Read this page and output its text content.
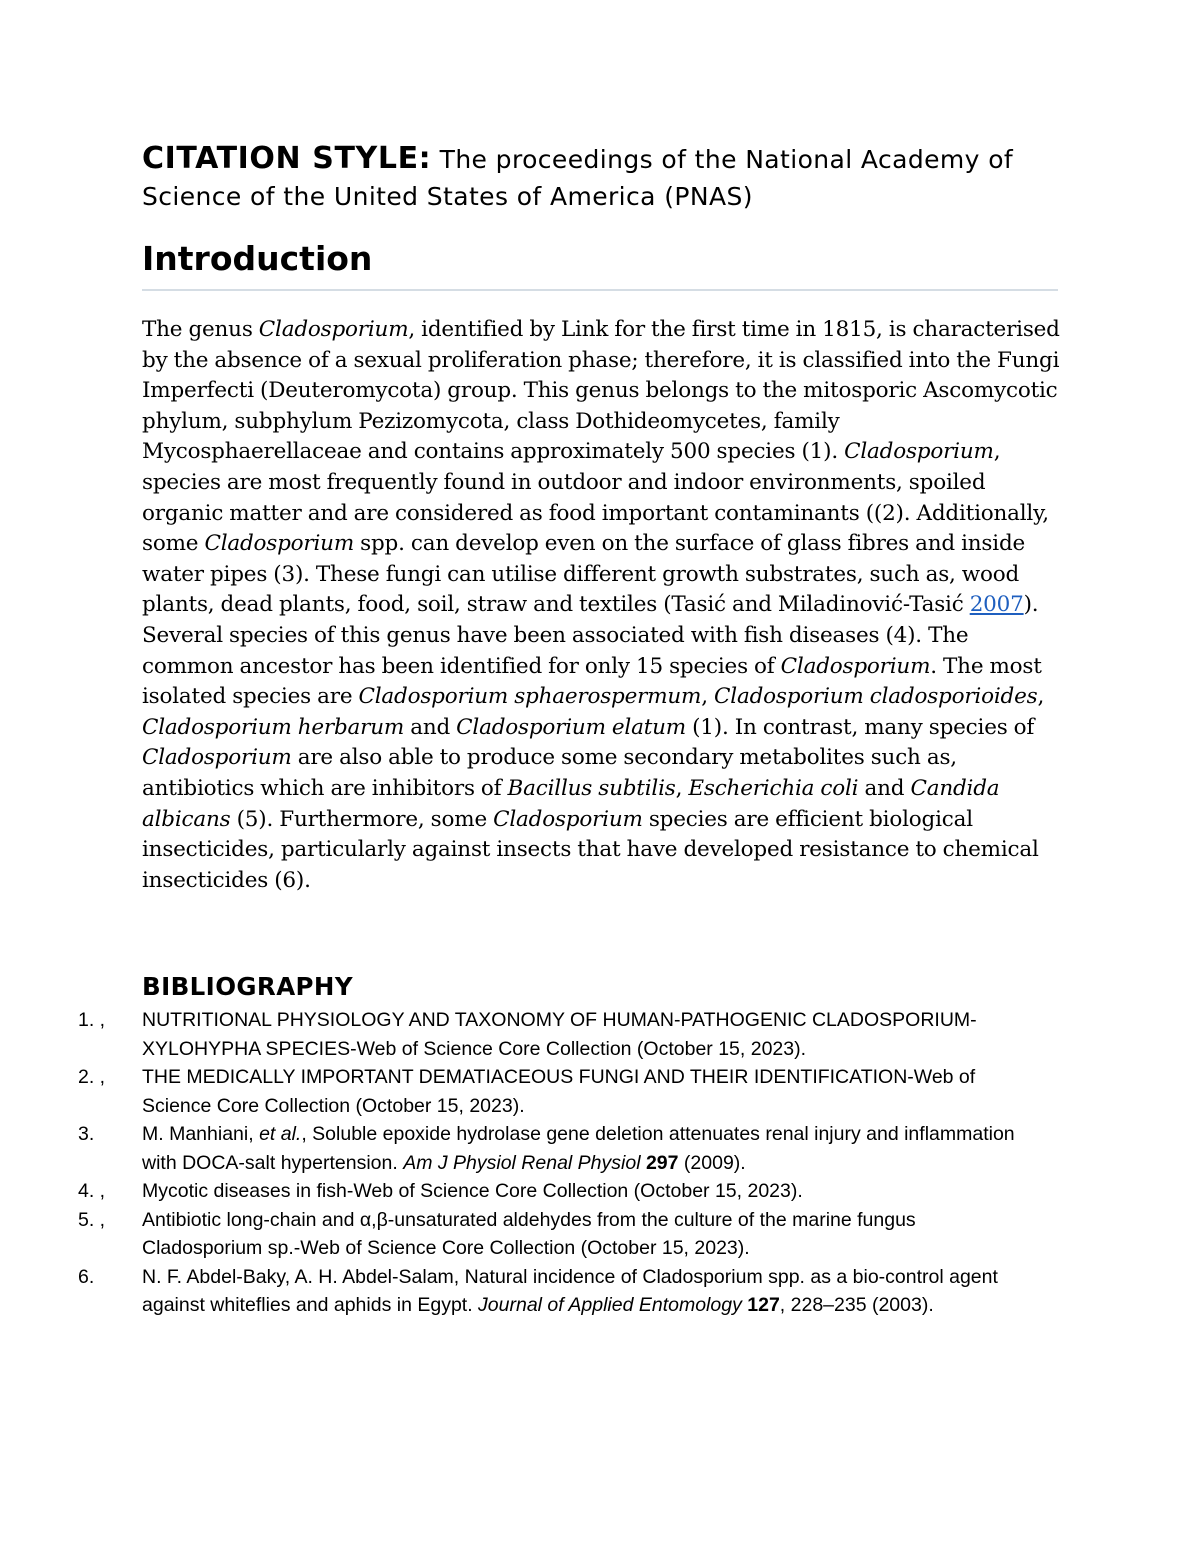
CITATION STYLE: The proceedings of the National Academy of Science of the United States of America (PNAS)
Introduction

The genus Cladosporium, identified by Link for the first time in 1815, is characterised by the absence of a sexual proliferation phase; therefore, it is classified into the Fungi Imperfecti (Deuteromycota) group. This genus belongs to the mitosporic Ascomycotic phylum, subphylum Pezizomycota, class Dothideomycetes, family Mycosphaerellaceae and contains approximately 500 species (1). Cladosporium, species are most frequently found in outdoor and indoor environments, spoiled organic matter and are considered as food important contaminants ((2). Additionally, some Cladosporium spp. can develop even on the surface of glass fibres and inside water pipes (3). These fungi can utilise different growth substrates, such as, wood plants, dead plants, food, soil, straw and textiles (Tasić and Miladinović-Tasić 2007). Several species of this genus have been associated with fish diseases (4). The common ancestor has been identified for only 15 species of Cladosporium. The most isolated species are Cladosporium sphaerospermum, Cladosporium cladosporioides, Cladosporium herbarum and Cladosporium elatum (1). In contrast, many species of Cladosporium are also able to produce some secondary metabolites such as, antibiotics which are inhibitors of Bacillus subtilis, Escherichia coli and Candida albicans (5). Furthermore, some Cladosporium species are efficient biological insecticides, particularly against insects that have developed resistance to chemical insecticides (6).

BIBLIOGRAPHY
1. ,	NUTRITIONAL PHYSIOLOGY AND TAXONOMY OF HUMAN-PATHOGENIC CLADOSPORIUM-XYLOHYPHA SPECIES-Web of Science Core Collection (October 15, 2023).
2. ,	THE MEDICALLY IMPORTANT DEMATIACEOUS FUNGI AND THEIR IDENTIFICATION-Web of Science Core Collection (October 15, 2023).
3.	M. Manhiani, et al., Soluble epoxide hydrolase gene deletion attenuates renal injury and inflammation with DOCA-salt hypertension. Am J Physiol Renal Physiol 297 (2009).
4. ,	Mycotic diseases in fish-Web of Science Core Collection (October 15, 2023).
5. ,	Antibiotic long-chain and α,β-unsaturated aldehydes from the culture of the marine fungus Cladosporium sp.-Web of Science Core Collection (October 15, 2023).
6.	N. F. Abdel-Baky, A. H. Abdel-Salam, Natural incidence of Cladosporium spp. as a bio-control agent against whiteflies and aphids in Egypt. Journal of Applied Entomology 127, 228–235 (2003).
